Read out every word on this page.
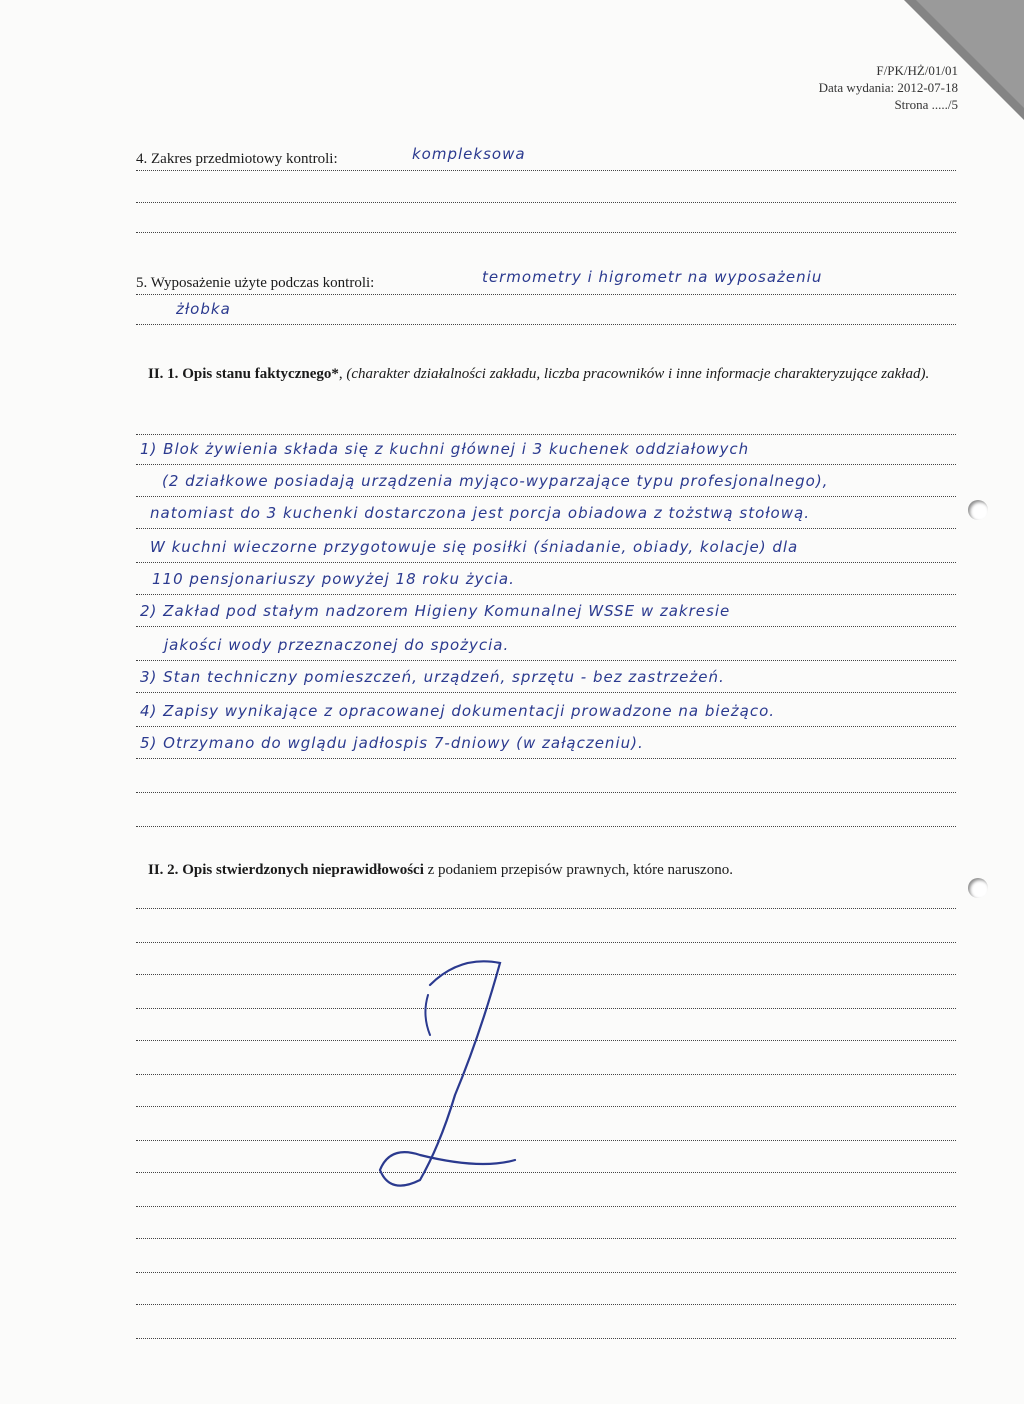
F/PK/HŻ/01/01
Data wydania: 2012-07-18
Strona ...../5
4. Zakres przedmiotowy kontroli:	kompleksowa
5. Wyposażenie użyte podczas kontroli:	termometry i higrometr na wyposażeniu
żłobka
II. 1. Opis stanu faktycznego*, (charakter działalności zakładu, liczba pracowników i inne informacje charakteryzujące zakład).
1) Blok żywienia składa się z kuchni głównej i 3 kuchenek oddziałowych
(2 działkowe posiadają urządzenia myjąco-wyparzające typu profesjonalnego),
natomiast do 3 kuchenki dostarczona jest porcja obiadowa z tożstwą stołową.
W kuchni wieczorne przygotowuje się posiłki (śniadanie, obiady, kolacje) dla
110 pensjonariuszy powyżej 18 roku życia.
2) Zakład pod stałym nadzorem Higieny Komunalnej WSSE w zakresie
jakości wody przeznaczonej do spożycia.
3) Stan techniczny pomieszczeń, urządzeń, sprzętu - bez zastrzeżeń.
4) Zapisy wynikające z opracowanej dokumentacji prowadzone na bieżąco.
5) Otrzymano do wglądu jadłospis 7-dniowy (w załączeniu).
II. 2. Opis stwierdzonych nieprawidłowości z podaniem przepisów prawnych, które naruszono.
